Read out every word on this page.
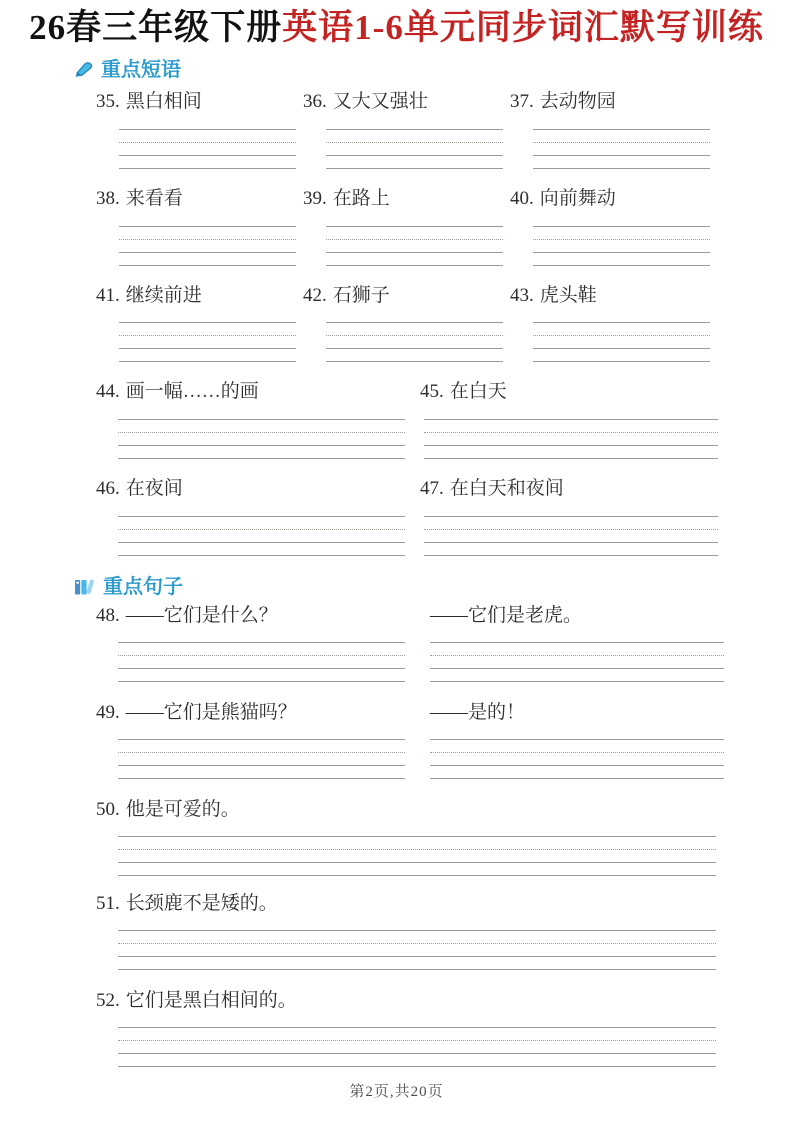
26春三年级下册英语1-6单元同步词汇默写训练
重点短语
35. 黑白相间	36. 又大又强壮	37. 去动物园
38. 来看看	39. 在路上	40. 向前舞动
41. 继续前进	42. 石狮子	43. 虎头鞋
44. 画一幅……的画	45. 在白天
46. 在夜间	47. 在白天和夜间
重点句子
48. ——它们是什么？	——它们是老虎。
49. ——它们是熊猫吗？	——是的！
50. 他是可爱的。
51. 长颈鹿不是矮的。
52. 它们是黑白相间的。
第2页,共20页
